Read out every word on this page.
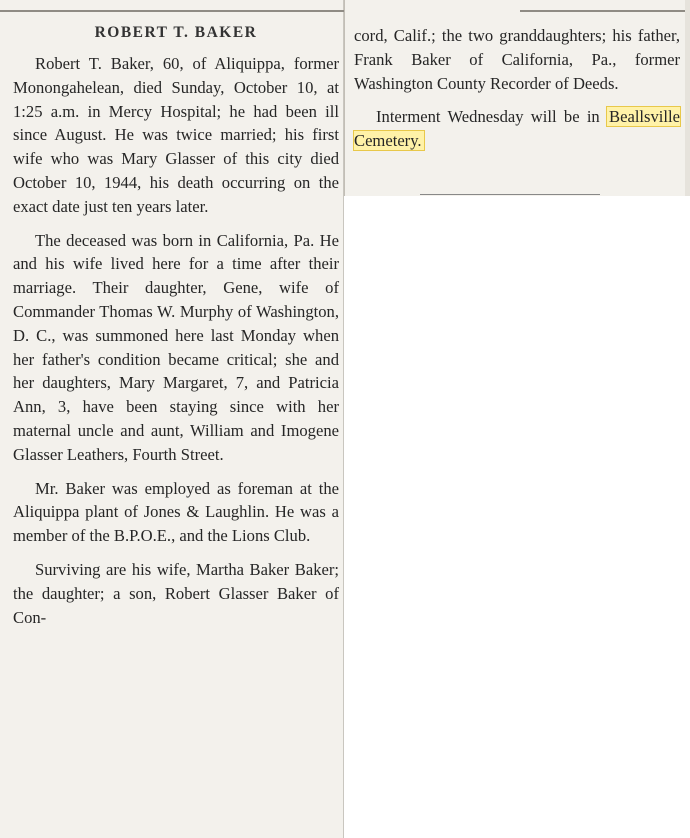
ROBERT T. BAKER

Robert T. Baker, 60, of Aliquippa, former Monongahelean, died Sunday, October 10, at 1:25 a.m. in Mercy Hospital; he had been ill since August. He was twice married; his first wife who was Mary Glasser of this city died October 10, 1944, his death occurring on the exact date just ten years later.

The deceased was born in California, Pa. He and his wife lived here for a time after their marriage. Their daughter, Gene, wife of Commander Thomas W. Murphy of Washington, D. C., was summoned here last Monday when her father's condition became critical; she and her daughters, Mary Margaret, 7, and Patricia Ann, 3, have been staying since with her maternal uncle and aunt, William and Imogene Glasser Leathers, Fourth Street.

Mr. Baker was employed as foreman at the Aliquippa plant of Jones & Laughlin. He was a member of the B.P.O.E., and the Lions Club.

Surviving are his wife, Martha Baker Baker; the daughter; a son, Robert Glasser Baker of Con-

cord, Calif.; the two granddaughters; his father, Frank Baker of California, Pa., former Washington County Recorder of Deeds.

Interment Wednesday will be in Beallsville Cemetery.
